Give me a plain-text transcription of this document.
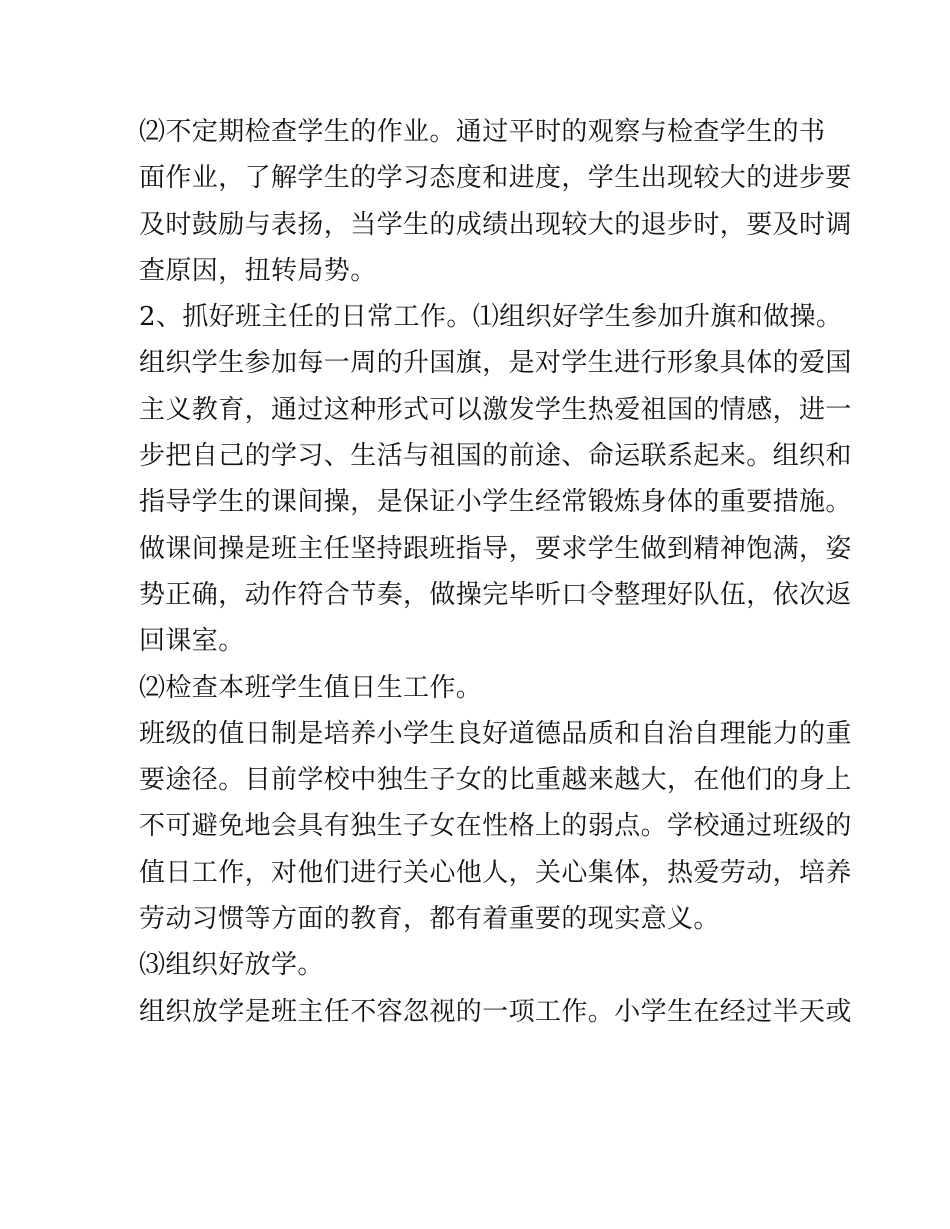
⑵不定期检查学生的作业。通过平时的观察与检查学生的书
面作业，了解学生的学习态度和进度，学生出现较大的进步要
及时鼓励与表扬，当学生的成绩出现较大的退步时，要及时调
查原因，扭转局势。
2、抓好班主任的日常工作。⑴组织好学生参加升旗和做操。
组织学生参加每一周的升国旗，是对学生进行形象具体的爱国
主义教育，通过这种形式可以激发学生热爱祖国的情感，进一
步把自己的学习、生活与祖国的前途、命运联系起来。组织和
指导学生的课间操，是保证小学生经常锻炼身体的重要措施。
做课间操是班主任坚持跟班指导，要求学生做到精神饱满，姿
势正确，动作符合节奏，做操完毕听口令整理好队伍，依次返
回课室。
⑵检查本班学生值日生工作。
班级的值日制是培养小学生良好道德品质和自治自理能力的重
要途径。目前学校中独生子女的比重越来越大，在他们的身上
不可避免地会具有独生子女在性格上的弱点。学校通过班级的
值日工作，对他们进行关心他人，关心集体，热爱劳动，培养
劳动习惯等方面的教育，都有着重要的现实意义。
⑶组织好放学。
组织放学是班主任不容忽视的一项工作。小学生在经过半天或
